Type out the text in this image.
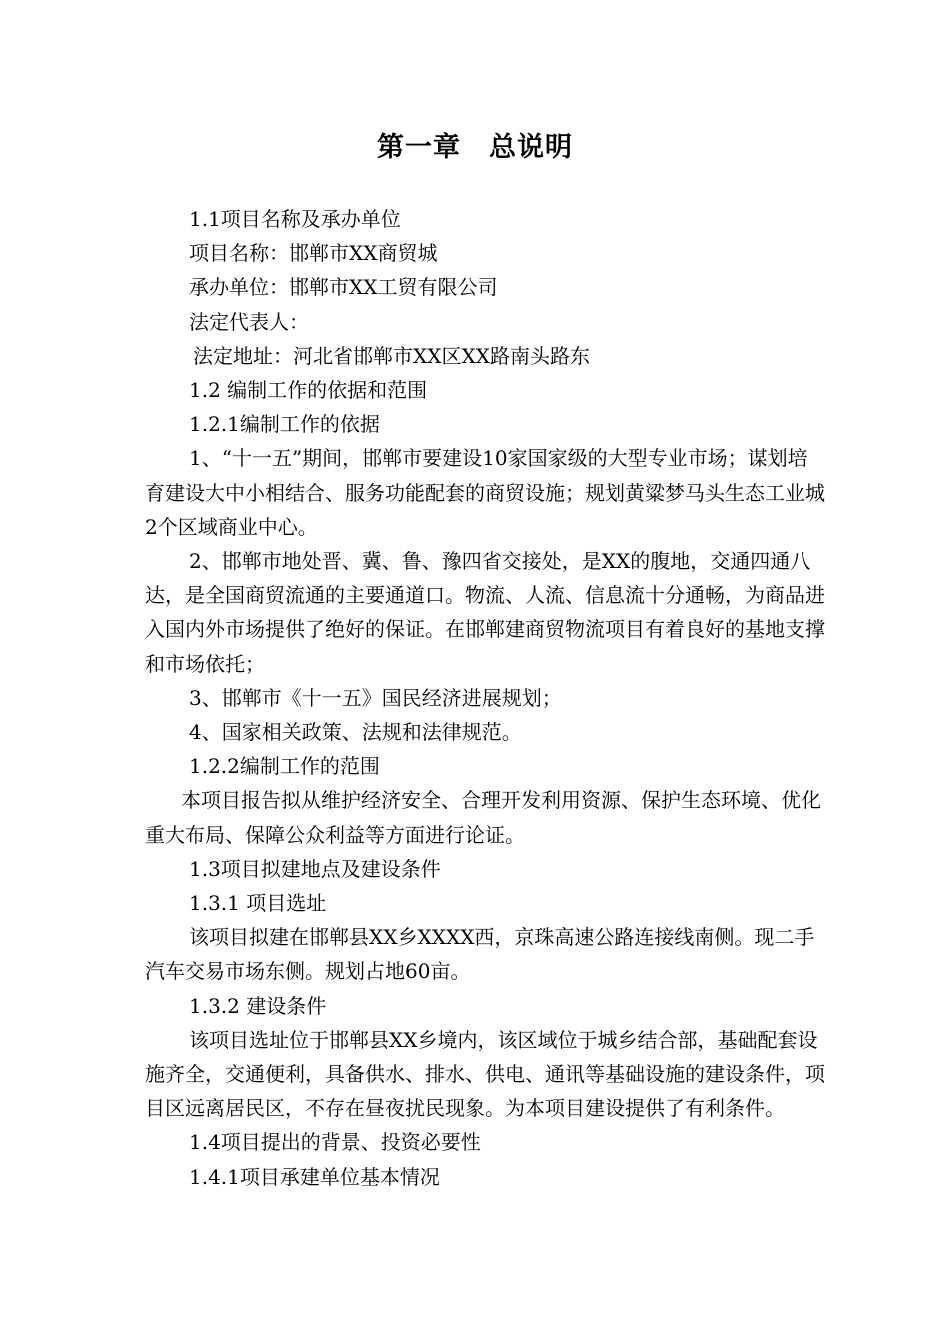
第一章　总说明

1.1项目名称及承办单位

项目名称：邯郸市XX商贸城

承办单位：邯郸市XX工贸有限公司

法定代表人：

法定地址：河北省邯郸市XX区XX路南头路东

1.2 编制工作的依据和范围

1.2.1编制工作的依据

1、“十一五”期间，邯郸市要建设10家国家级的大型专业市场；谋划培育建设大中小相结合、服务功能配套的商贸设施；规划黄粱梦马头生态工业城2个区域商业中心。

2、邯郸市地处晋、冀、鲁、豫四省交接处，是XX的腹地，交通四通八达，是全国商贸流通的主要通道口。物流、人流、信息流十分通畅，为商品进入国内外市场提供了绝好的保证。在邯郸建商贸物流项目有着良好的基地支撑和市场依托；

3、邯郸市《十一五》国民经济进展规划；

4、国家相关政策、法规和法律规范。

1.2.2编制工作的范围

本项目报告拟从维护经济安全、合理开发利用资源、保护生态环境、优化重大布局、保障公众利益等方面进行论证。

1.3项目拟建地点及建设条件

1.3.1 项目选址

该项目拟建在邯郸县XX乡XXXX西，京珠高速公路连接线南侧。现二手汽车交易市场东侧。规划占地60亩。

1.3.2 建设条件

该项目选址位于邯郸县XX乡境内，该区域位于城乡结合部，基础配套设施齐全，交通便利，具备供水、排水、供电、通讯等基础设施的建设条件，项目区远离居民区，不存在昼夜扰民现象。为本项目建设提供了有利条件。

1.4项目提出的背景、投资必要性

1.4.1项目承建单位基本情况
